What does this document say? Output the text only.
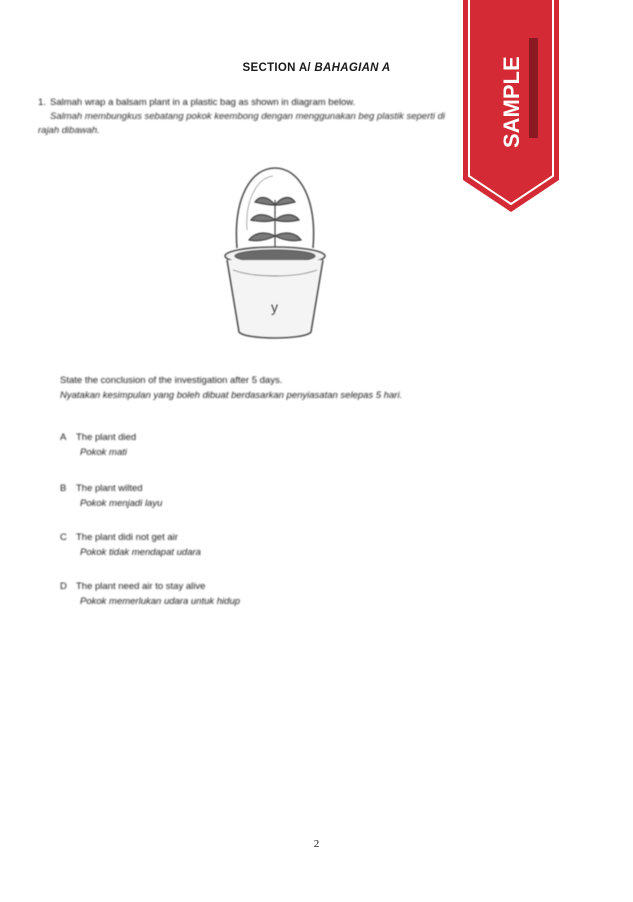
SECTION A/ BAHAGIAN A
1. Salmah wrap a balsam plant in a plastic bag as shown in diagram below.
Salmah membungkus sebatang pokok keembong dengan menggunakan beg plastik seperti di
rajah dibawah.
y
State the conclusion of the investigation after 5 days.
Nyatakan kesimpulan yang boleh dibuat berdasarkan penyiasatan selepas 5 hari.
A The plant died
Pokok mati
B The plant wilted
Pokok menjadi layu
C The plant didi not get air
Pokok tidak mendapat udara
D The plant need air to stay alive
Pokok memerlukan udara untuk hidup
2
SAMPLE
